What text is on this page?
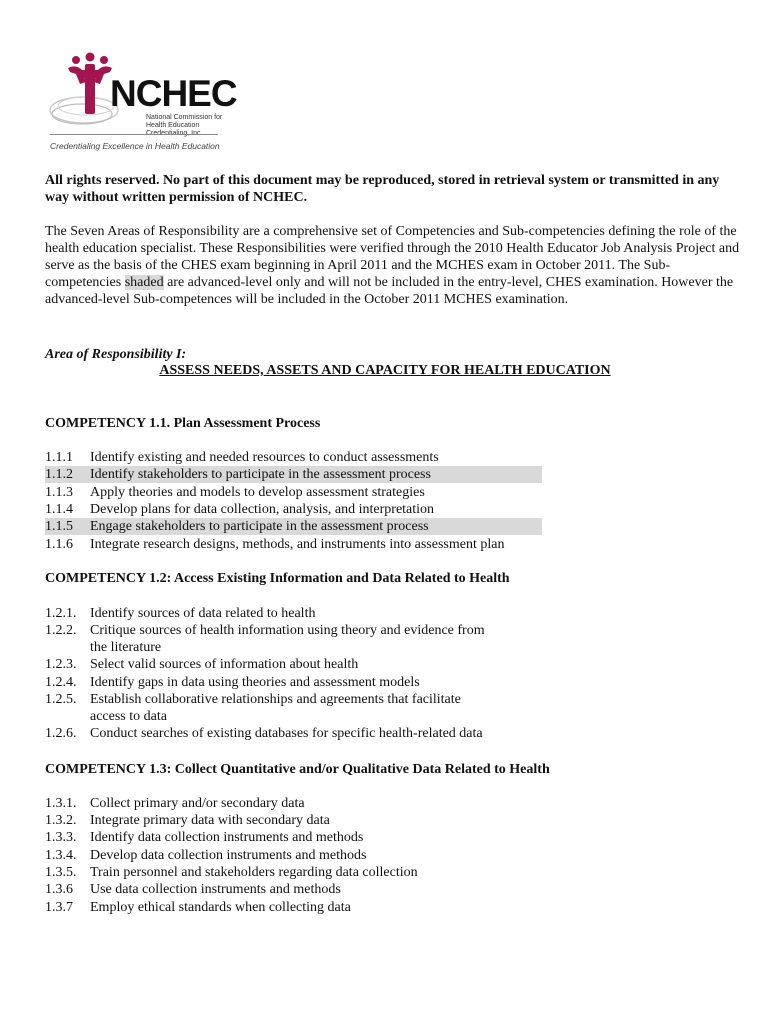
NCHEC
National Commission for Health Education
Credentialing Excellence in Health Education
All rights reserved. No part of this document may be reproduced, stored in retrieval system or transmitted in any way without written permission of NCHEC.
The Seven Areas of Responsibility are a comprehensive set of Competencies and Sub-competencies defining the role of the health education specialist. These Responsibilities were verified through the 2010 Health Educator Job Analysis Project and serve as the basis of the CHES exam beginning in April 2011 and the MCHES exam in October 2011. The Sub-competencies shaded are advanced-level only and will not be included in the entry-level, CHES examination. However the advanced-level Sub-competences will be included in the October 2011 MCHES examination.
Area of Responsibility I:
ASSESS NEEDS, ASSETS AND CAPACITY FOR HEALTH EDUCATION
COMPETENCY 1.1. Plan Assessment Process
1.1.1 Identify existing and needed resources to conduct assessments
1.1.2 Identify stakeholders to participate in the assessment process
1.1.3 Apply theories and models to develop assessment strategies
1.1.4 Develop plans for data collection, analysis, and interpretation
1.1.5 Engage stakeholders to participate in the assessment process
1.1.6 Integrate research designs, methods, and instruments into assessment plan
COMPETENCY 1.2: Access Existing Information and Data Related to Health
1.2.1. Identify sources of data related to health
1.2.2. Critique sources of health information using theory and evidence from
the literature
1.2.3. Select valid sources of information about health
1.2.4. Identify gaps in data using theories and assessment models
1.2.5. Establish collaborative relationships and agreements that facilitate
access to data
1.2.6. Conduct searches of existing databases for specific health-related data
COMPETENCY 1.3: Collect Quantitative and/or Qualitative Data Related to Health
1.3.1. Collect primary and/or secondary data
1.3.2. Integrate primary data with secondary data
1.3.3. Identify data collection instruments and methods
1.3.4. Develop data collection instruments and methods
1.3.5. Train personnel and stakeholders regarding data collection
1.3.6 Use data collection instruments and methods
1.3.7 Employ ethical standards when collecting data
